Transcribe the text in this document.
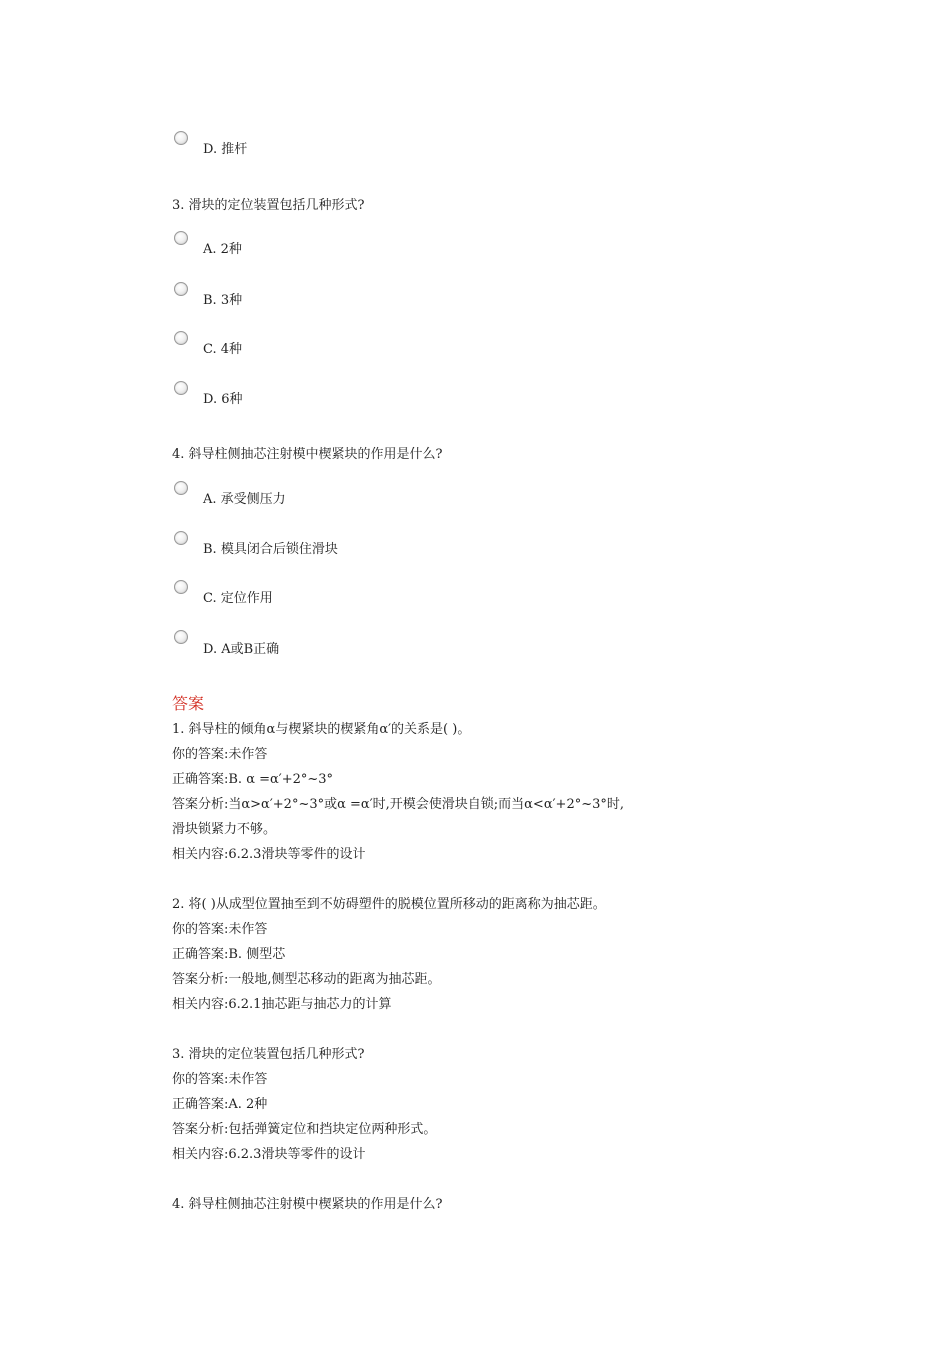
D. 推杆
3. 滑块的定位装置包括几种形式?
A. 2种
B. 3种
C. 4种
D. 6种
4. 斜导柱侧抽芯注射模中楔紧块的作用是什么?
A. 承受侧压力
B. 模具闭合后锁住滑块
C. 定位作用
D. A或B正确
答案
1. 斜导柱的倾角α与楔紧块的楔紧角α′的关系是( )。
你的答案:未作答
正确答案:B. α =α′+2°~3°
答案分析:当α>α′+2°~3°或α =α′时,开模会使滑块自锁;而当α<α′+2°~3°时,
滑块锁紧力不够。
相关内容:6.2.3滑块等零件的设计
2. 将( )从成型位置抽至到不妨碍塑件的脱模位置所移动的距离称为抽芯距。
你的答案:未作答
正确答案:B. 侧型芯
答案分析:一般地,侧型芯移动的距离为抽芯距。
相关内容:6.2.1抽芯距与抽芯力的计算
3. 滑块的定位装置包括几种形式?
你的答案:未作答
正确答案:A. 2种
答案分析:包括弹簧定位和挡块定位两种形式。
相关内容:6.2.3滑块等零件的设计
4. 斜导柱侧抽芯注射模中楔紧块的作用是什么?
